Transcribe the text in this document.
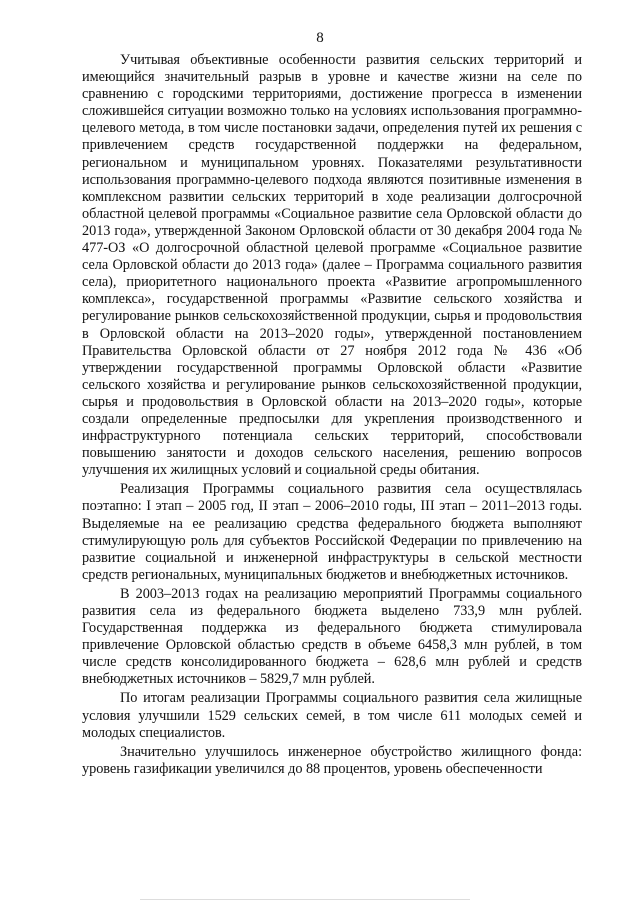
8

Учитывая объективные особенности развития сельских территорий и имеющийся значительный разрыв в уровне и качестве жизни на селе по сравнению с городскими территориями, достижение прогресса в изменении сложившейся ситуации возможно только на условиях использования программно-целевого метода, в том числе постановки задачи, определения путей их решения с привлечением средств государственной поддержки на федеральном, региональном и муниципальном уровнях. Показателями результативности использования программно-целевого подхода являются позитивные изменения в комплексном развитии сельских территорий в ходе реализации долгосрочной областной целевой программы «Социальное развитие села Орловской области до 2013 года», утвержденной Законом Орловской области от 30 декабря 2004 года № 477-ОЗ «О долгосрочной областной целевой программе «Социальное развитие села Орловской области до 2013 года» (далее – Программа социального развития села), приоритетного национального проекта «Развитие агропромышленного комплекса», государственной программы «Развитие сельского хозяйства и регулирование рынков сельскохозяйственной продукции, сырья и продовольствия в Орловской области на 2013–2020 годы», утвержденной постановлением Правительства Орловской области от 27 ноября 2012 года № 436 «Об утверждении государственной программы Орловской области «Развитие сельского хозяйства и регулирование рынков сельскохозяйственной продукции, сырья и продовольствия в Орловской области на 2013–2020 годы», которые создали определенные предпосылки для укрепления производственного и инфраструктурного потенциала сельских территорий, способствовали повышению занятости и доходов сельского населения, решению вопросов улучшения их жилищных условий и социальной среды обитания.

Реализация Программы социального развития села осуществлялась поэтапно: I этап – 2005 год, II этап – 2006–2010 годы, III этап – 2011–2013 годы. Выделяемые на ее реализацию средства федерального бюджета выполняют стимулирующую роль для субъектов Российской Федерации по привлечению на развитие социальной и инженерной инфраструктуры в сельской местности средств региональных, муниципальных бюджетов и внебюджетных источников.

В 2003–2013 годах на реализацию мероприятий Программы социального развития села из федерального бюджета выделено 733,9 млн рублей. Государственная поддержка из федерального бюджета стимулировала привлечение Орловской областью средств в объеме 6458,3 млн рублей, в том числе средств консолидированного бюджета – 628,6 млн рублей и средств внебюджетных источников – 5829,7 млн рублей.

По итогам реализации Программы социального развития села жилищные условия улучшили 1529 сельских семей, в том числе 611 молодых семей и молодых специалистов.

Значительно улучшилось инженерное обустройство жилищного фонда: уровень газификации увеличился до 88 процентов, уровень обеспеченности
